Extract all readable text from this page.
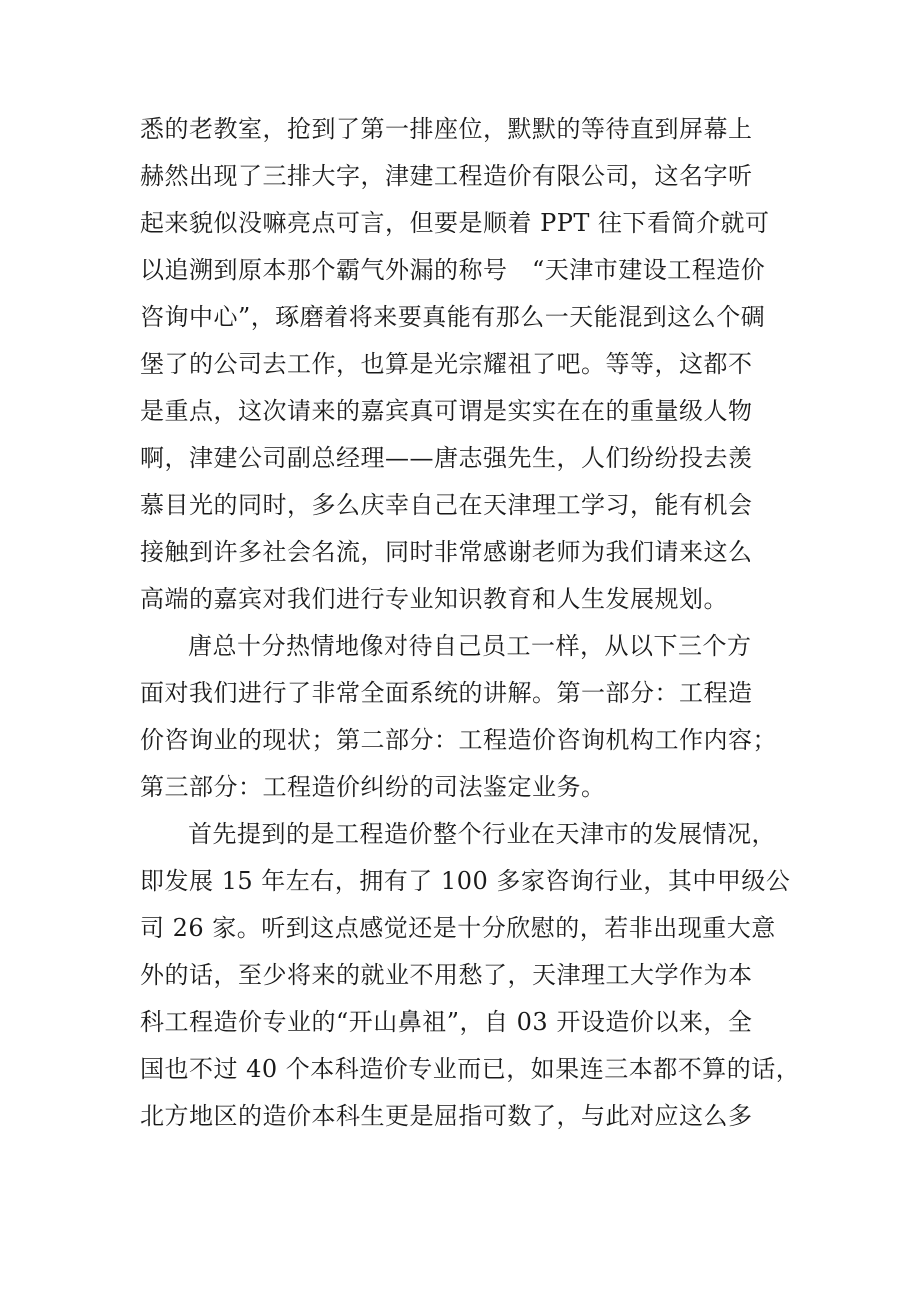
悉的老教室，抢到了第一排座位，默默的等待直到屏幕上
赫然出现了三排大字，津建工程造价有限公司，这名字听
起来貌似没嘛亮点可言，但要是顺着 PPT 往下看简介就可
以追溯到原本那个霸气外漏的称号　“天津市建设工程造价
咨询中心”，琢磨着将来要真能有那么一天能混到这么个碉
堡了的公司去工作，也算是光宗耀祖了吧。等等，这都不
是重点，这次请来的嘉宾真可谓是实实在在的重量级人物
啊，津建公司副总经理——唐志强先生，人们纷纷投去羡
慕目光的同时，多么庆幸自己在天津理工学习，能有机会
接触到许多社会名流，同时非常感谢老师为我们请来这么
高端的嘉宾对我们进行专业知识教育和人生发展规划。
唐总十分热情地像对待自己员工一样，从以下三个方
面对我们进行了非常全面系统的讲解。第一部分：工程造
价咨询业的现状；第二部分：工程造价咨询机构工作内容；
第三部分：工程造价纠纷的司法鉴定业务。
首先提到的是工程造价整个行业在天津市的发展情况，
即发展 15 年左右，拥有了 100 多家咨询行业，其中甲级公
司 26 家。听到这点感觉还是十分欣慰的，若非出现重大意
外的话，至少将来的就业不用愁了，天津理工大学作为本
科工程造价专业的“开山鼻祖”，自 03 开设造价以来，全
国也不过 40 个本科造价专业而已，如果连三本都不算的话，
北方地区的造价本科生更是屈指可数了，与此对应这么多
